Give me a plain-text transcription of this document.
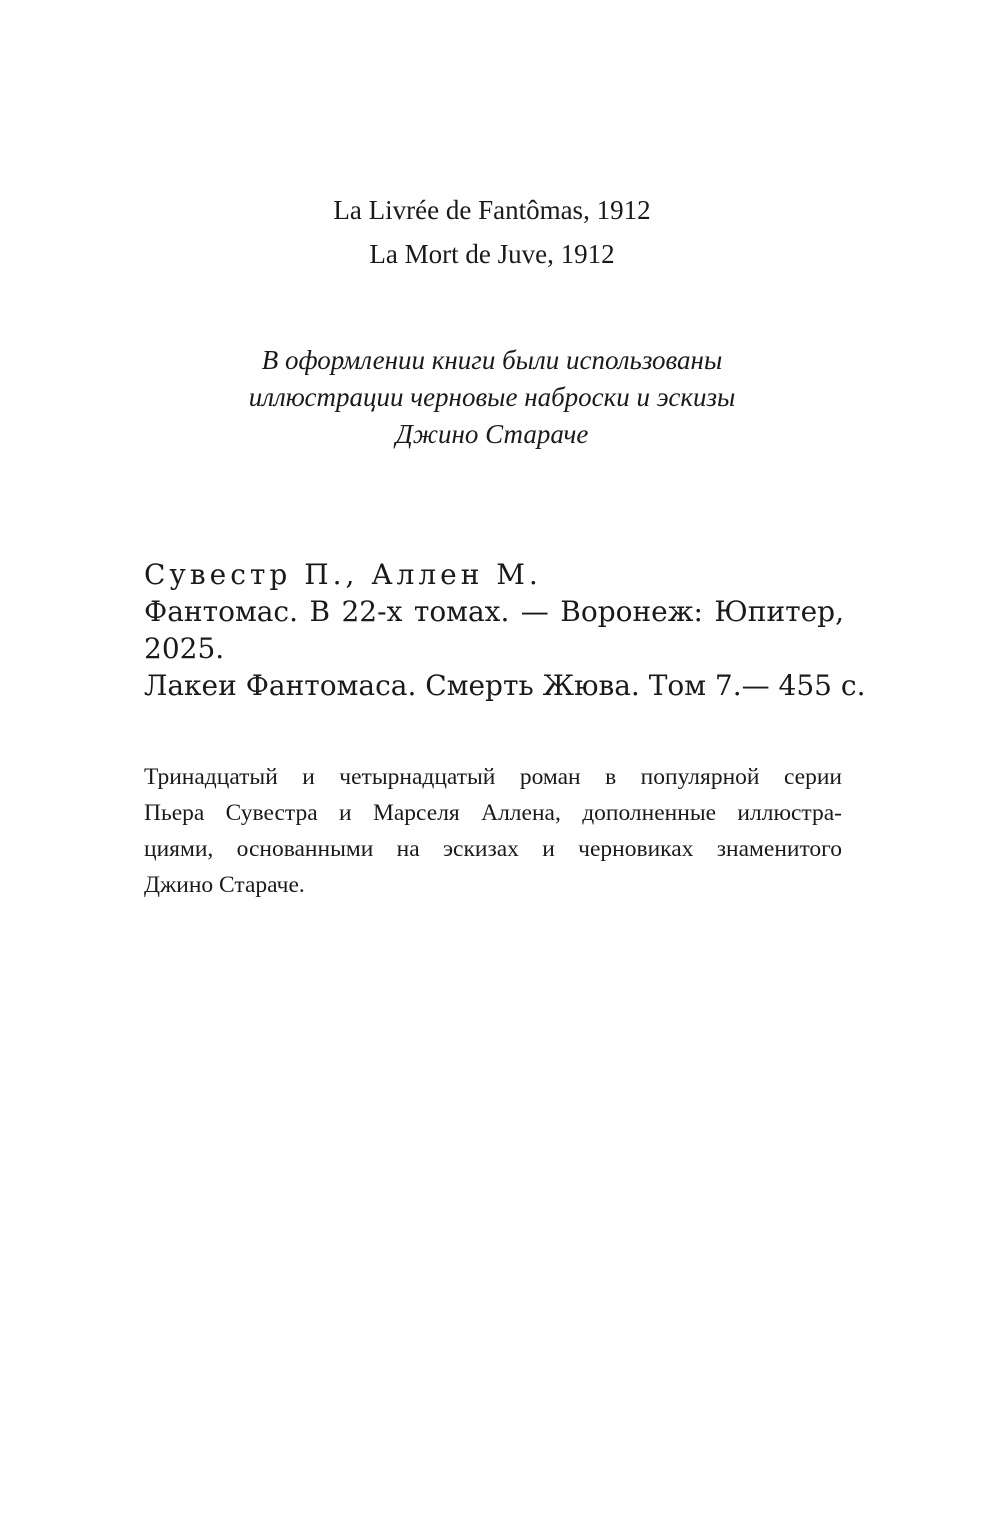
La Livrée de Fantômas, 1912
La Mort de Juve, 1912
В оформлении книги были использованы
иллюстрации черновые наброски и эскизы
Джино Стараче
Сувестр П., Аллен М.
Фантомас. В 22-х томах. — Воронеж: Юпитер,
2025.
Лакеи Фантомаса. Смерть Жюва. Том 7.— 455 с.
Тринадцатый и четырнадцатый роман в популярной серии
Пьера Сувестра и Марселя Аллена, дополненные иллюстра-
циями, основанными на эскизах и черновиках знаменитого
Джино Стараче.
